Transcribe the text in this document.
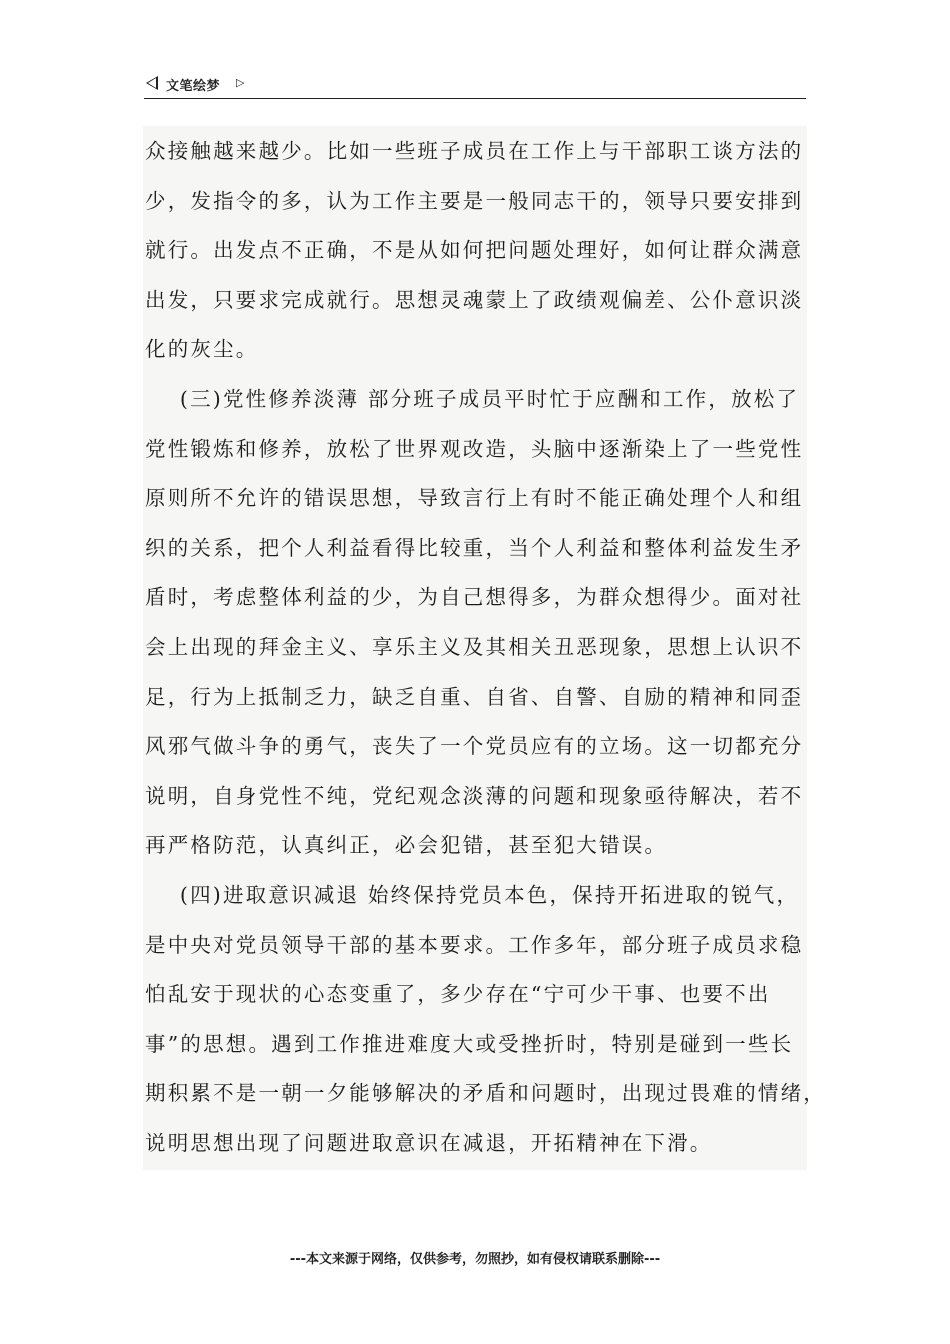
文笔绘梦 ▷
众接触越来越少。比如一些班子成员在工作上与干部职工谈方法的
少，发指令的多，认为工作主要是一般同志干的，领导只要安排到
就行。出发点不正确，不是从如何把问题处理好，如何让群众满意
出发，只要求完成就行。思想灵魂蒙上了政绩观偏差、公仆意识淡
化的灰尘。
(三)党性修养淡薄 部分班子成员平时忙于应酬和工作，放松了
党性锻炼和修养，放松了世界观改造，头脑中逐渐染上了一些党性
原则所不允许的错误思想，导致言行上有时不能正确处理个人和组
织的关系，把个人利益看得比较重，当个人利益和整体利益发生矛
盾时，考虑整体利益的少，为自己想得多，为群众想得少。面对社
会上出现的拜金主义、享乐主义及其相关丑恶现象，思想上认识不
足，行为上抵制乏力，缺乏自重、自省、自警、自励的精神和同歪
风邪气做斗争的勇气，丧失了一个党员应有的立场。这一切都充分
说明，自身党性不纯，党纪观念淡薄的问题和现象亟待解决，若不
再严格防范，认真纠正，必会犯错，甚至犯大错误。
(四)进取意识减退 始终保持党员本色，保持开拓进取的锐气，
是中央对党员领导干部的基本要求。工作多年，部分班子成员求稳
怕乱安于现状的心态变重了，多少存在“宁可少干事、也要不出
事”的思想。遇到工作推进难度大或受挫折时，特别是碰到一些长
期积累不是一朝一夕能够解决的矛盾和问题时，出现过畏难的情绪，
说明思想出现了问题进取意识在减退，开拓精神在下滑。
---本文来源于网络，仅供参考，勿照抄，如有侵权请联系删除---
